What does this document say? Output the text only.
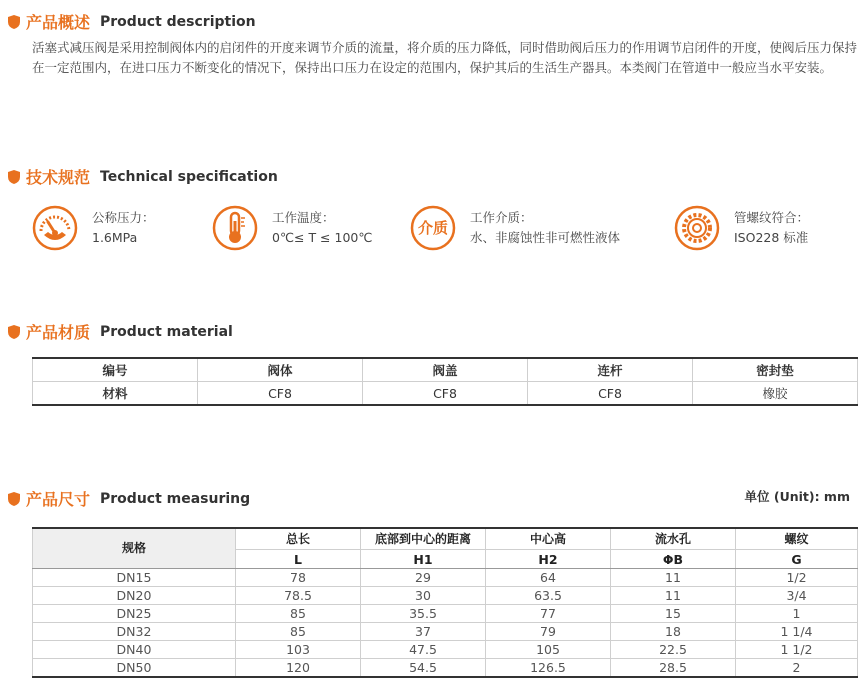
产品概述 Product description
活塞式减压阀是采用控制阀体内的启闭件的开度来调节介质的流量，将介质的压力降低，同时借助阀后压力的作用调节启闭件的开度，使阀后压力保持在一定范围内，在进口压力不断变化的情况下，保持出口压力在设定的范围内，保护其后的生活生产器具。本类阀门在管道中一般应当水平安装。
技术规范 Technical specification
公称压力：
1.6MPa
工作温度：
0℃≤ T ≤ 100℃
介质
工作介质：
水、非腐蚀性非可燃性液体
管螺纹符合：
ISO228 标准
产品材质 Product material
编号	阀体	阀盖	连杆	密封垫
材料	CF8	CF8	CF8	橡胶
产品尺寸 Product measuring	单位 (Unit): mm
规格	总长	底部到中心的距离	中心高	流水孔	螺纹
	L	H1	H2	ΦB	G
DN15	78	29	64	11	1/2
DN20	78.5	30	63.5	11	3/4
DN25	85	35.5	77	15	1
DN32	85	37	79	18	1 1/4
DN40	103	47.5	105	22.5	1 1/2
DN50	120	54.5	126.5	28.5	2
